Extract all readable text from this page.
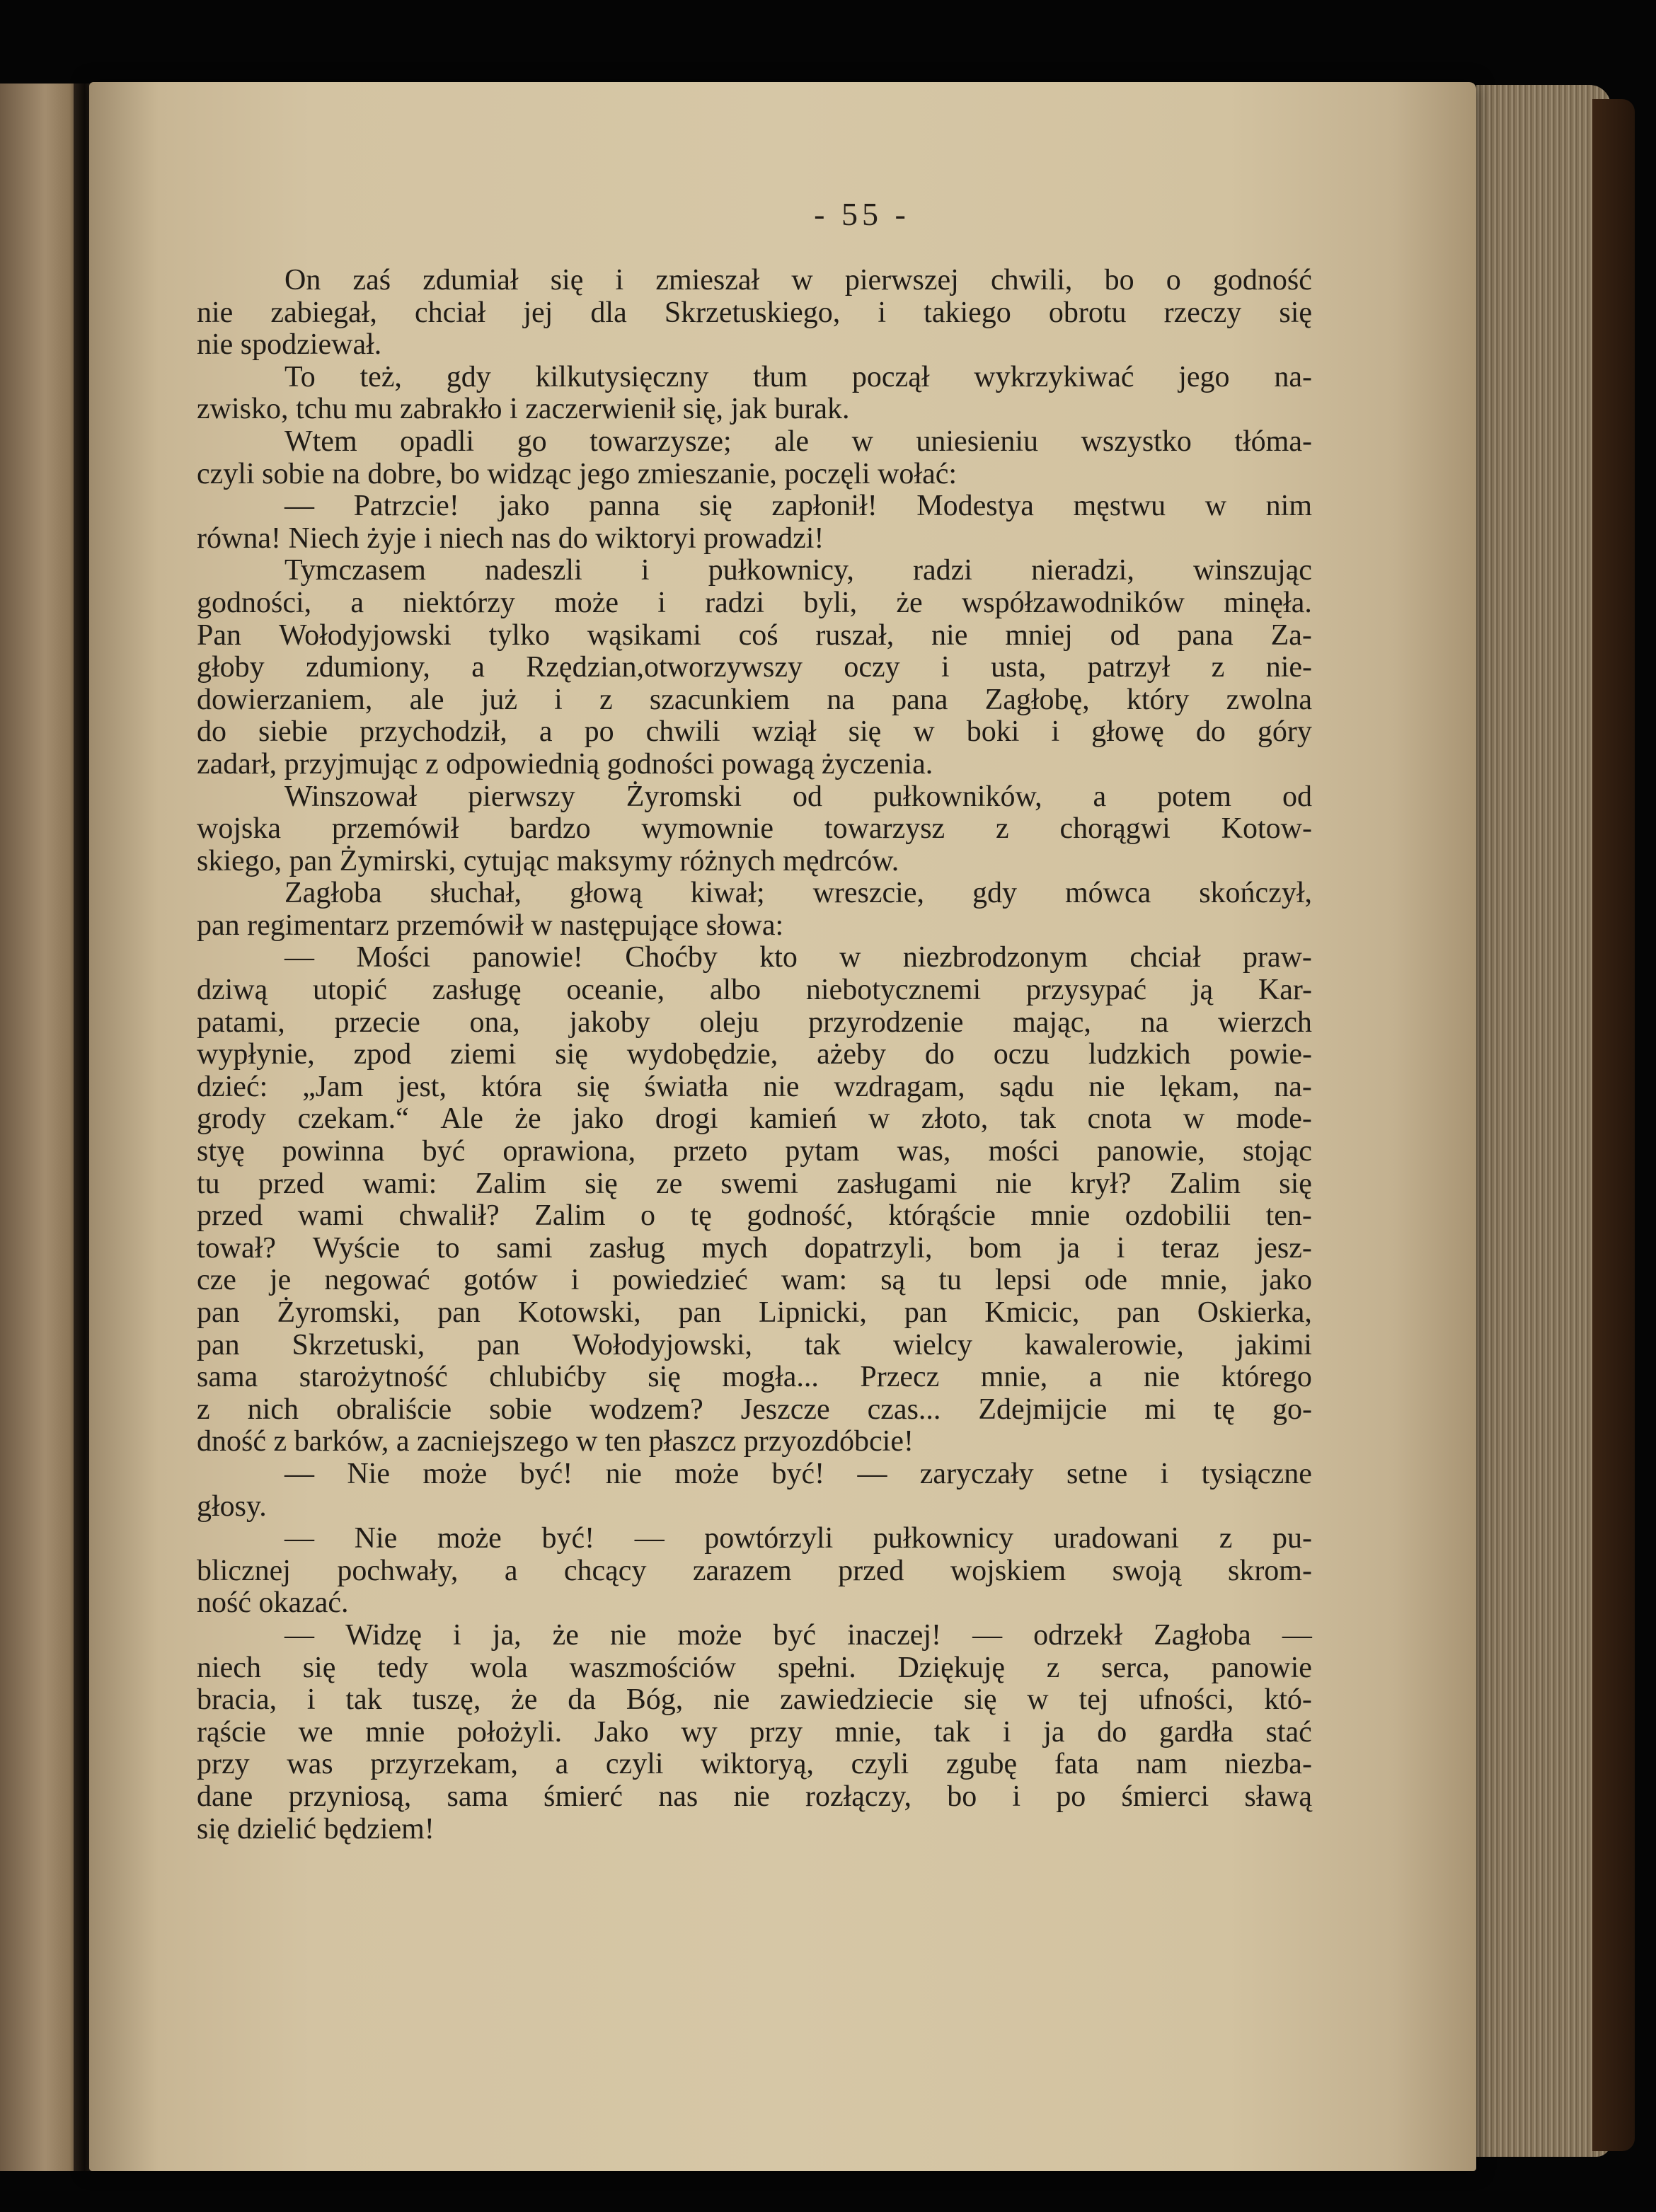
- 55 -
On zaś zdumiał się i zmieszał w pierwszej chwili, bo o godność
nie zabiegał, chciał jej dla Skrzetuskiego, i takiego obrotu rzeczy się
nie spodziewał.
To też, gdy kilkutysięczny tłum począł wykrzykiwać jego na-
zwisko, tchu mu zabrakło i zaczerwienił się, jak burak.
Wtem opadli go towarzysze; ale w uniesieniu wszystko tłóma-
czyli sobie na dobre, bo widząc jego zmieszanie, poczęli wołać:
— Patrzcie! jako panna się zapłonił! Modestya męstwu w nim
równa! Niech żyje i niech nas do wiktoryi prowadzi!
Tymczasem nadeszli i pułkownicy, radzi nieradzi, winszując
godności, a niektórzy może i radzi byli, że współzawodników minęła.
Pan Wołodyjowski tylko wąsikami coś ruszał, nie mniej od pana Za-
głoby zdumiony, a Rzędzian,otworzywszy oczy i usta, patrzył z nie-
dowierzaniem, ale już i z szacunkiem na pana Zagłobę, który zwolna
do siebie przychodził, a po chwili wziął się w boki i głowę do góry
zadarł, przyjmując z odpowiednią godności powagą życzenia.
Winszował pierwszy Żyromski od pułkowników, a potem od
wojska przemówił bardzo wymownie towarzysz z chorągwi Kotow-
skiego, pan Żymirski, cytując maksymy różnych mędrców.
Zagłoba słuchał, głową kiwał; wreszcie, gdy mówca skończył,
pan regimentarz przemówił w następujące słowa:
— Mości panowie! Choćby kto w niezbrodzonym chciał praw-
dziwą utopić zasługę oceanie, albo niebotycznemi przysypać ją Kar-
patami, przecie ona, jakoby oleju przyrodzenie mając, na wierzch
wypłynie, zpod ziemi się wydobędzie, ażeby do oczu ludzkich powie-
dzieć: „Jam jest, która się światła nie wzdragam, sądu nie lękam, na-
grody czekam.“ Ale że jako drogi kamień w złoto, tak cnota w mode-
styę powinna być oprawiona, przeto pytam was, mości panowie, stojąc
tu przed wami: Zalim się ze swemi zasługami nie krył? Zalim się
przed wami chwalił? Zalim o tę godność, którąście mnie ozdobilii ten-
tował? Wyście to sami zasług mych dopatrzyli, bom ja i teraz jesz-
cze je negować gotów i powiedzieć wam: są tu lepsi ode mnie, jako
pan Żyromski, pan Kotowski, pan Lipnicki, pan Kmicic, pan Oskierka,
pan Skrzetuski, pan Wołodyjowski, tak wielcy kawalerowie, jakimi
sama starożytność chlubićby się mogła... Przecz mnie, a nie którego
z nich obraliście sobie wodzem? Jeszcze czas... Zdejmijcie mi tę go-
dność z barków, a zacniejszego w ten płaszcz przyozdóbcie!
— Nie może być! nie może być! — zaryczały setne i tysiączne
głosy.
— Nie może być! — powtórzyli pułkownicy uradowani z pu-
blicznej pochwały, a chcący zarazem przed wojskiem swoją skrom-
ność okazać.
— Widzę i ja, że nie może być inaczej! — odrzekł Zagłoba —
niech się tedy wola waszmościów spełni. Dziękuję z serca, panowie
bracia, i tak tuszę, że da Bóg, nie zawiedziecie się w tej ufności, któ-
rąście we mnie położyli. Jako wy przy mnie, tak i ja do gardła stać
przy was przyrzekam, a czyli wiktoryą, czyli zgubę fata nam niezba-
dane przyniosą, sama śmierć nas nie rozłączy, bo i po śmierci sławą
się dzielić będziem!
